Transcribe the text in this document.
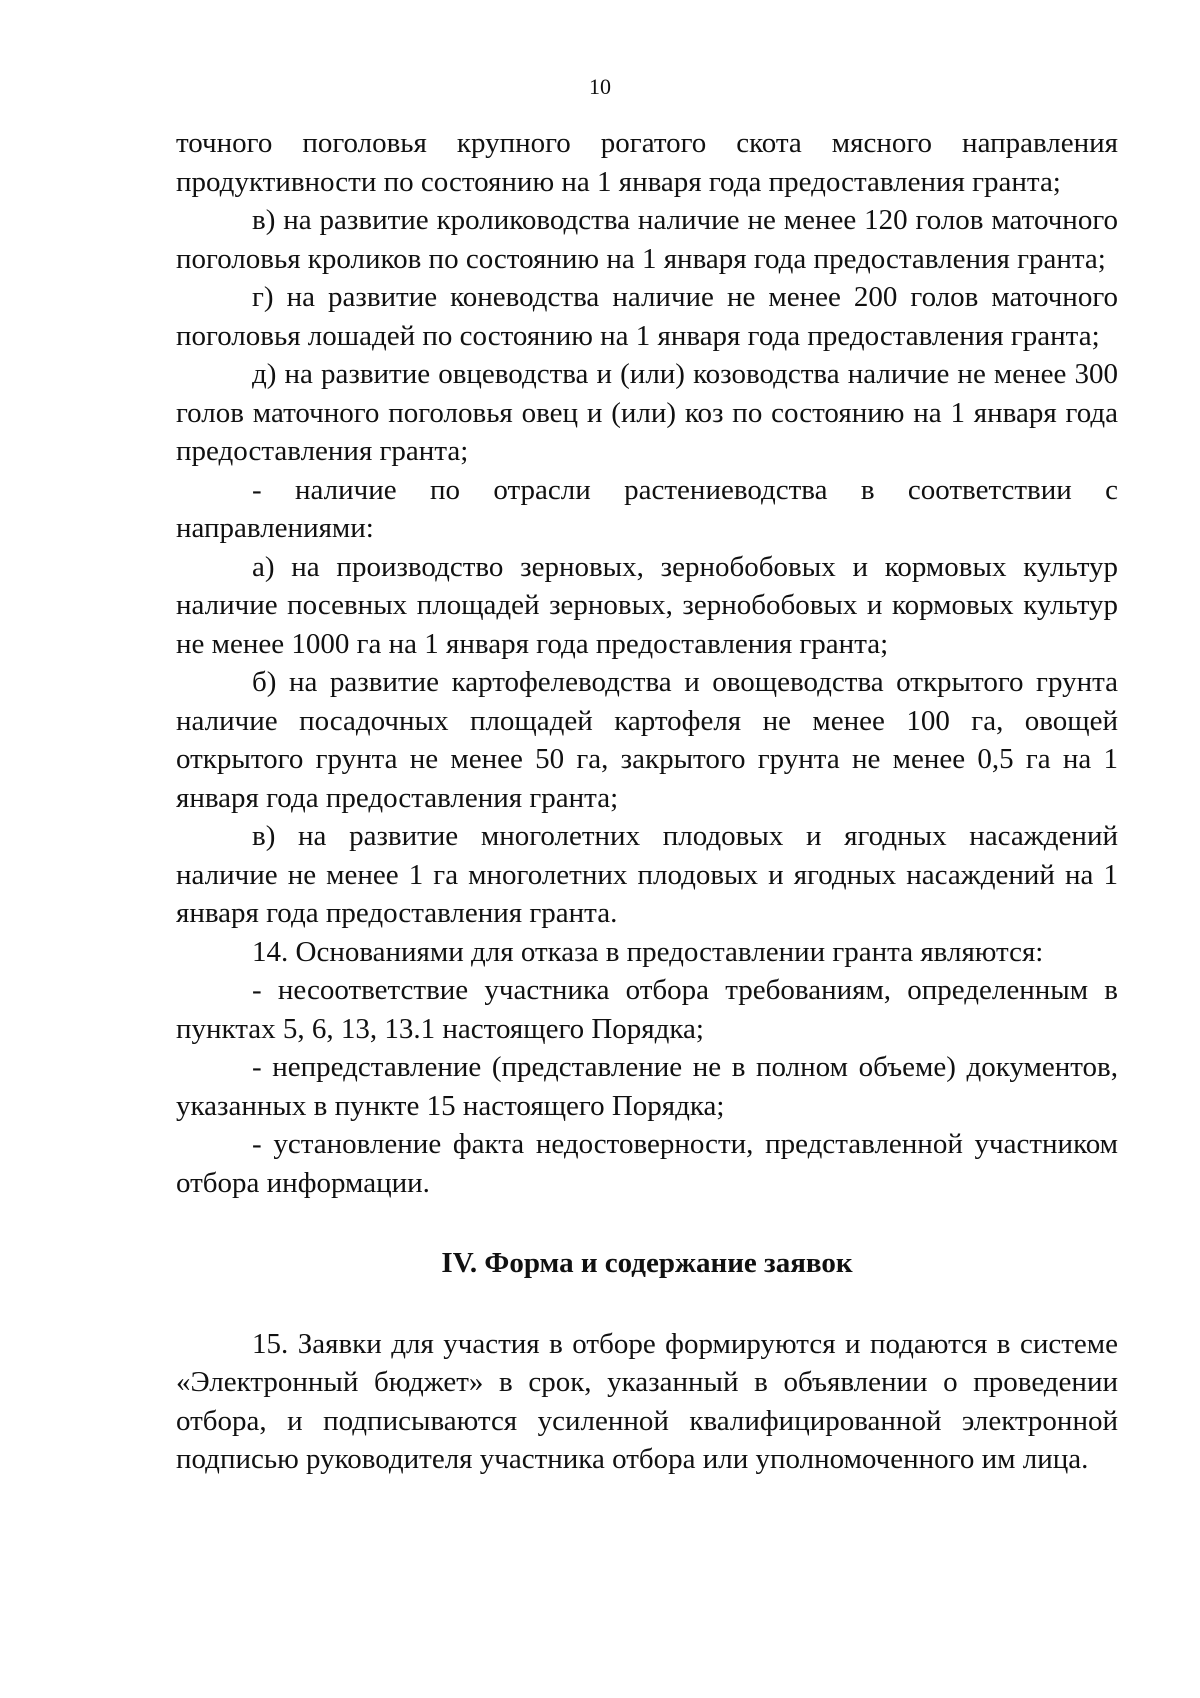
10

точного поголовья крупного рогатого скота мясного направления продуктивности по состоянию на 1 января года предоставления гранта;

в) на развитие кролиководства наличие не менее 120 голов маточного поголовья кроликов по состоянию на 1 января года предоставления гранта;

г) на развитие коневодства наличие не менее 200 голов маточного поголовья лошадей по состоянию на 1 января года предоставления гранта;

д) на развитие овцеводства и (или) козоводства наличие не менее 300 голов маточного поголовья овец и (или) коз по состоянию на 1 января года предоставления гранта;

- наличие по отрасли растениеводства в соответствии с направлениями:

а) на производство зерновых, зернобобовых и кормовых культур наличие посевных площадей зерновых, зернобобовых и кормовых культур не менее 1000 га на 1 января года предоставления гранта;

б) на развитие картофелеводства и овощеводства открытого грунта наличие посадочных площадей картофеля не менее 100 га, овощей открытого грунта не менее 50 га, закрытого грунта не менее 0,5 га на 1 января года предоставления гранта;

в) на развитие многолетних плодовых и ягодных насаждений наличие не менее 1 га многолетних плодовых и ягодных насаждений на 1 января года предоставления гранта.

14. Основаниями для отказа в предоставлении гранта являются:

- несоответствие участника отбора требованиям, определенным в пунктах 5, 6, 13, 13.1 настоящего Порядка;

- непредставление (представление не в полном объеме) документов, указанных в пункте 15 настоящего Порядка;

- установление факта недостоверности, представленной участником отбора информации.

IV. Форма и содержание заявок

15. Заявки для участия в отборе формируются и подаются в системе «Электронный бюджет» в срок, указанный в объявлении о проведении отбора, и подписываются усиленной квалифицированной электронной подписью руководителя участника отбора или уполномоченного им лица.
